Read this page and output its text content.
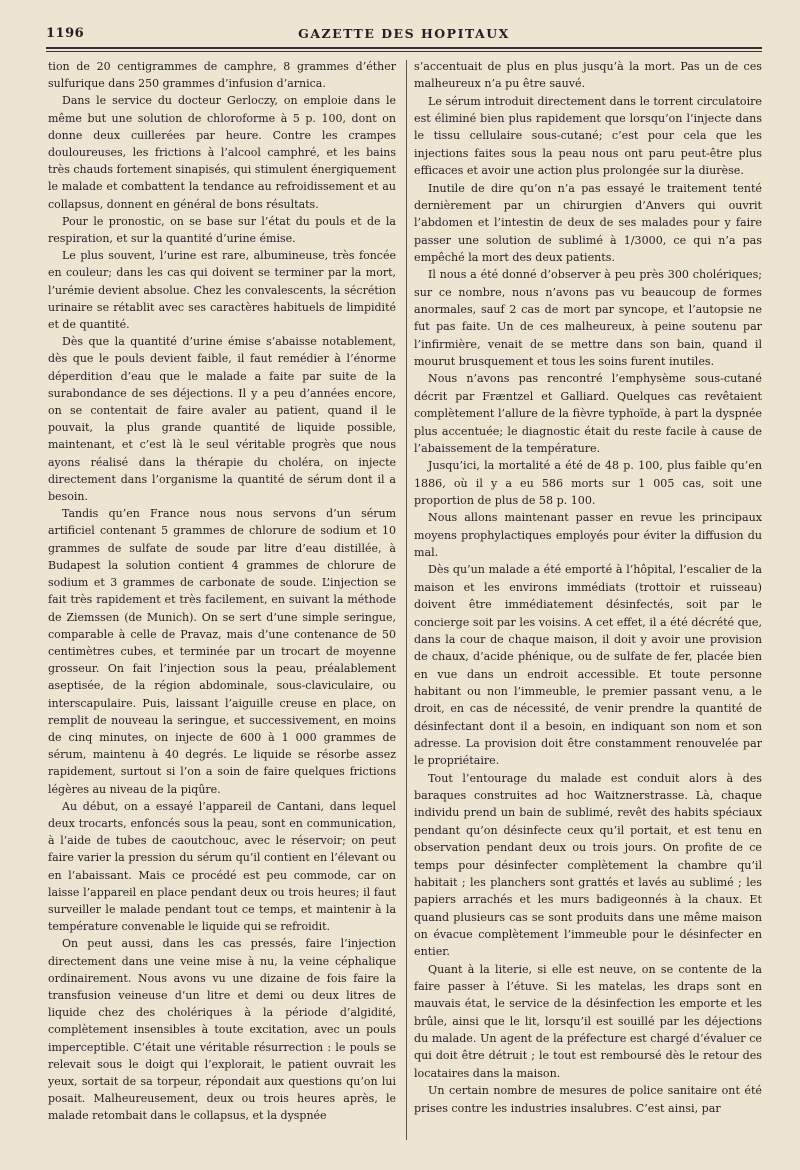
1196	GAZETTE DES HOPITAUX

tion de 20 centigrammes de camphre, 8 grammes d’éther sulfurique dans 250 grammes d’infusion d’arnica.

Dans le service du docteur Gerloczy, on emploie dans le même but une solution de chloroforme à 5 p. 100, dont on donne deux cuillerées par heure. Contre les crampes douloureuses, les frictions à l’alcool camphré, et les bains très chauds fortement sinapisés, qui stimulent énergiquement le malade et combattent la tendance au refroidissement et au collapsus, donnent en général de bons résultats.

Pour le pronostic, on se base sur l’état du pouls et de la respiration, et sur la quantité d’urine émise.

Le plus souvent, l’urine est rare, albumineuse, très foncée en couleur; dans les cas qui doivent se terminer par la mort, l’urémie devient absolue. Chez les convalescents, la sécrétion urinaire se rétablit avec ses caractères habituels de limpidité et de quantité.

Dès que la quantité d’urine émise s’abaisse notablement, dès que le pouls devient faible, il faut remédier à l’énorme déperdition d’eau que le malade a faite par suite de la surabondance de ses déjections. Il y a peu d’années encore, on se contentait de faire avaler au patient, quand il le pouvait, la plus grande quantité de liquide possible, maintenant, et c’est là le seul véritable progrès que nous ayons réalisé dans la thérapie du choléra, on injecte directement dans l’organisme la quantité de sérum dont il a besoin.

Tandis qu’en France nous nous servons d’un sérum artificiel contenant 5 grammes de chlorure de sodium et 10 grammes de sulfate de soude par litre d’eau distillée, à Budapest la solution contient 4 grammes de chlorure de sodium et 3 grammes de carbonate de soude. L’injection se fait très rapidement et très facilement, en suivant la méthode de Ziemssen (de Munich). On se sert d’une simple seringue, comparable à celle de Pravaz, mais d’une contenance de 50 centimètres cubes, et terminée par un trocart de moyenne grosseur. On fait l’injection sous la peau, préalablement aseptisée, de la région abdominale, sous-claviculaire, ou interscapulaire. Puis, laissant l’aiguille creuse en place, on remplit de nouveau la seringue, et successivement, en moins de cinq minutes, on injecte de 600 à 1 000 grammes de sérum, maintenu à 40 degrés. Le liquide se résorbe assez rapidement, surtout si l’on a soin de faire quelques frictions légères au niveau de la piqûre.

Au début, on a essayé l’appareil de Cantani, dans lequel deux trocarts, enfoncés sous la peau, sont en communication, à l’aide de tubes de caoutchouc, avec le réservoir; on peut faire varier la pression du sérum qu’il contient en l’élevant ou en l’abaissant. Mais ce procédé est peu commode, car on laisse l’appareil en place pendant deux ou trois heures; il faut surveiller le malade pendant tout ce temps, et maintenir à la température convenable le liquide qui se refroidit.

On peut aussi, dans les cas pressés, faire l’injection directement dans une veine mise à nu, la veine céphalique ordinairement. Nous avons vu une dizaine de fois faire la transfusion veineuse d’un litre et demi ou deux litres de liquide chez des cholériques à la période d’algidité, complètement insensibles à toute excitation, avec un pouls imperceptible. C’était une véritable résurrection : le pouls se relevait sous le doigt qui l’explorait, le patient ouvrait les yeux, sortait de sa torpeur, répondait aux questions qu’on lui posait. Malheureusement, deux ou trois heures après, le malade retombait dans le collapsus, et la dyspnée

s’accentuait de plus en plus jusqu’à la mort. Pas un de ces malheureux n’a pu être sauvé.

Le sérum introduit directement dans le torrent circulatoire est éliminé bien plus rapidement que lorsqu’on l’injecte dans le tissu cellulaire sous-cutané; c’est pour cela que les injections faites sous la peau nous ont paru peut-être plus efficaces et avoir une action plus prolongée sur la diurèse.

Inutile de dire qu’on n’a pas essayé le traitement tenté dernièrement par un chirurgien d’Anvers qui ouvrit l’abdomen et l’intestin de deux de ses malades pour y faire passer une solution de sublimé à 1/3000, ce qui n’a pas empêché la mort des deux patients.

Il nous a été donné d’observer à peu près 300 cholériques; sur ce nombre, nous n’avons pas vu beaucoup de formes anormales, sauf 2 cas de mort par syncope, et l’autopsie ne fut pas faite. Un de ces malheureux, à peine soutenu par l’infirmière, venait de se mettre dans son bain, quand il mourut brusquement et tous les soins furent inutiles.

Nous n’avons pas rencontré l’emphysème sous-cutané décrit par Fræntzel et Galliard. Quelques cas revêtaient complètement l’allure de la fièvre typhoïde, à part la dyspnée plus accentuée; le diagnostic était du reste facile à cause de l’abaissement de la température.

Jusqu’ici, la mortalité a été de 48 p. 100, plus faible qu’en 1886, où il y a eu 586 morts sur 1 005 cas, soit une proportion de plus de 58 p. 100.

Nous allons maintenant passer en revue les principaux moyens prophylactiques employés pour éviter la diffusion du mal.

Dès qu’un malade a été emporté à l’hôpital, l’escalier de la maison et les environs immédiats (trottoir et ruisseau) doivent être immédiatement désinfectés, soit par le concierge soit par les voisins. A cet effet, il a été décrété que, dans la cour de chaque maison, il doit y avoir une provision de chaux, d’acide phénique, ou de sulfate de fer, placée bien en vue dans un endroit accessible. Et toute personne habitant ou non l’immeuble, le premier passant venu, a le droit, en cas de nécessité, de venir prendre la quantité de désinfectant dont il a besoin, en indiquant son nom et son adresse. La provision doit être constamment renouvelée par le propriétaire.

Tout l’entourage du malade est conduit alors à des baraques construites ad hoc Waitznerstrasse. Là, chaque individu prend un bain de sublimé, revêt des habits spéciaux pendant qu’on désinfecte ceux qu’il portait, et est tenu en observation pendant deux ou trois jours. On profite de ce temps pour désinfecter complètement la chambre qu’il habitait ; les planchers sont grattés et lavés au sublimé ; les papiers arrachés et les murs badigeonnés à la chaux. Et quand plusieurs cas se sont produits dans une même maison on évacue complètement l’immeuble pour le désinfecter en entier.

Quant à la literie, si elle est neuve, on se contente de la faire passer à l’étuve. Si les matelas, les draps sont en mauvais état, le service de la désinfection les emporte et les brûle, ainsi que le lit, lorsqu’il est souillé par les déjections du malade. Un agent de la préfecture est chargé d’évaluer ce qui doit être détruit ; le tout est remboursé dès le retour des locataires dans la maison.

Un certain nombre de mesures de police sanitaire ont été prises contre les industries insalubres. C’est ainsi, par
